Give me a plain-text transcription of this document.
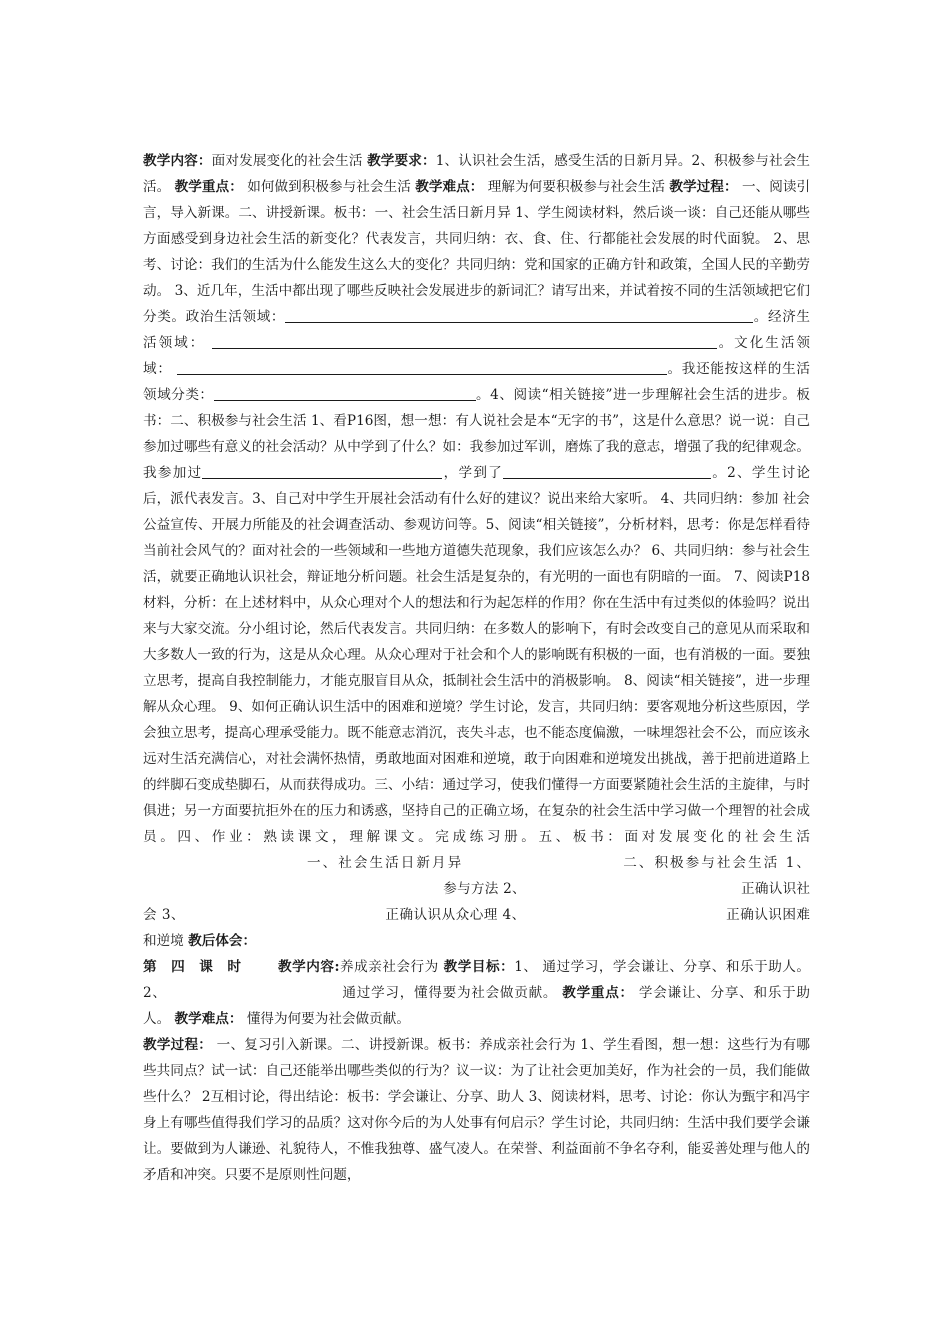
教学内容：面对发展变化的社会生活 教学要求：1、认识社会生活，感受生活的日新月异。2、积极参与社会生活。 教学重点： 如何做到积极参与社会生活 教学难点： 理解为何要积极参与社会生活 教学过程： 一、阅读引言，导入新课。二、讲授新课。板书：一、社会生活日新月异 1、学生阅读材料，然后谈一谈：自己还能从哪些方面感受到身边社会生活的新变化？代表发言，共同归纳：衣、食、住、行都能社会发展的时代面貌。 2、思考、讨论：我们的生活为什么能发生这么大的变化？共同归纳：党和国家的正确方针和政策，全国人民的辛勤劳动。 3、近几年，生活中都出现了哪些反映社会发展进步的新词汇？请写出来，并试着按不同的生活领域把它们分类。政治生活领域：	。经济生活领域：	。文化生活领域：	。我还能按这样的生活领域分类：	。4、阅读“相关链接”进一步理解社会生活的进步。板书：二、积极参与社会生活 1、看P16图，想一想：有人说社会是本“无字的书”，这是什么意思？说一说：自己参加过哪些有意义的社会活动？从中学到了什么？如：我参加过军训，磨炼了我的意志，增强了我的纪律观念。我参加过	，学到了	。2、学生讨论后，派代表发言。3、自己对中学生开展社会活动有什么好的建议？说出来给大家听。 4、共同归纳：参加 社会公益宣传、开展力所能及的社会调查活动、参观访问等。5、阅读“相关链接”，分析材料，思考：你是怎样看待当前社会风气的？面对社会的一些领域和一些地方道德失范现象，我们应该怎么办？ 6、共同归纳：参与社会生活，就要正确地认识社会，辩证地分析问题。社会生活是复杂的，有光明的一面也有阴暗的一面。 7、阅读P18材料，分析：在上述材料中，从众心理对个人的想法和行为起怎样的作用？你在生活中有过类似的体验吗？说出来与大家交流。分小组讨论，然后代表发言。共同归纳：在多数人的影响下，有时会改变自己的意见从而采取和大多数人一致的行为，这是从众心理。从众心理对于社会和个人的影响既有积极的一面，也有消极的一面。要独立思考，提高自我控制能力，才能克服盲目从众，抵制社会生活中的消极影响。 8、阅读“相关链接”，进一步理解从众心理。 9、如何正确认识生活中的困难和逆境？学生讨论，发言，共同归纳：要客观地分析这些原因，学会独立思考，提高心理承受能力。既不能意志消沉，丧失斗志，也不能态度偏激，一味埋怨社会不公，而应该永远对生活充满信心，对社会满怀热情，勇敢地面对困难和逆境，敢于向困难和逆境发出挑战，善于把前进道路上的绊脚石变成垫脚石，从而获得成功。三、小结：通过学习，使我们懂得一方面要紧随社会生活的主旋律，与时俱进；另一方面要抗拒外在的压力和诱惑，坚持自己的正确立场，在复杂的社会生活中学习做一个理智的社会成员。四、作业：熟读课文，理解课文。完成练习册。五、板书：面对发展变化的社会生活 一、社会生活日新月异	二、积极参与社会生活 1、参与方法 2、	正确认识社会 3、	正确认识从众心理 4、	正确认识困难和逆境 教后体会：

第四课时 教学内容:养成亲社会行为 教学目标：1、 通过学习，学会谦让、分享、和乐于助人。 2、	通过学习，懂得要为社会做贡献。 教学重点： 学会谦让、分享、和乐于助人。 教学难点： 懂得为何要为社会做贡献。
教学过程： 一、复习引入新课。二、讲授新课。板书：养成亲社会行为 1、学生看图，想一想：这些行为有哪些共同点？试一试：自己还能举出哪些类似的行为？议一议：为了让社会更加美好，作为社会的一员，我们能做些什么？ 2互相讨论，得出结论：板书：学会谦让、分享、助人 3、阅读材料，思考、讨论：你认为甄宇和冯宇身上有哪些值得我们学习的品质？这对你今后的为人处事有何启示？学生讨论，共同归纳：生活中我们要学会谦让。要做到为人谦逊、礼貌待人，不惟我独尊、盛气凌人。在荣誉、利益面前不争名夺利，能妥善处理与他人的矛盾和冲突。只要不是原则性问题，
